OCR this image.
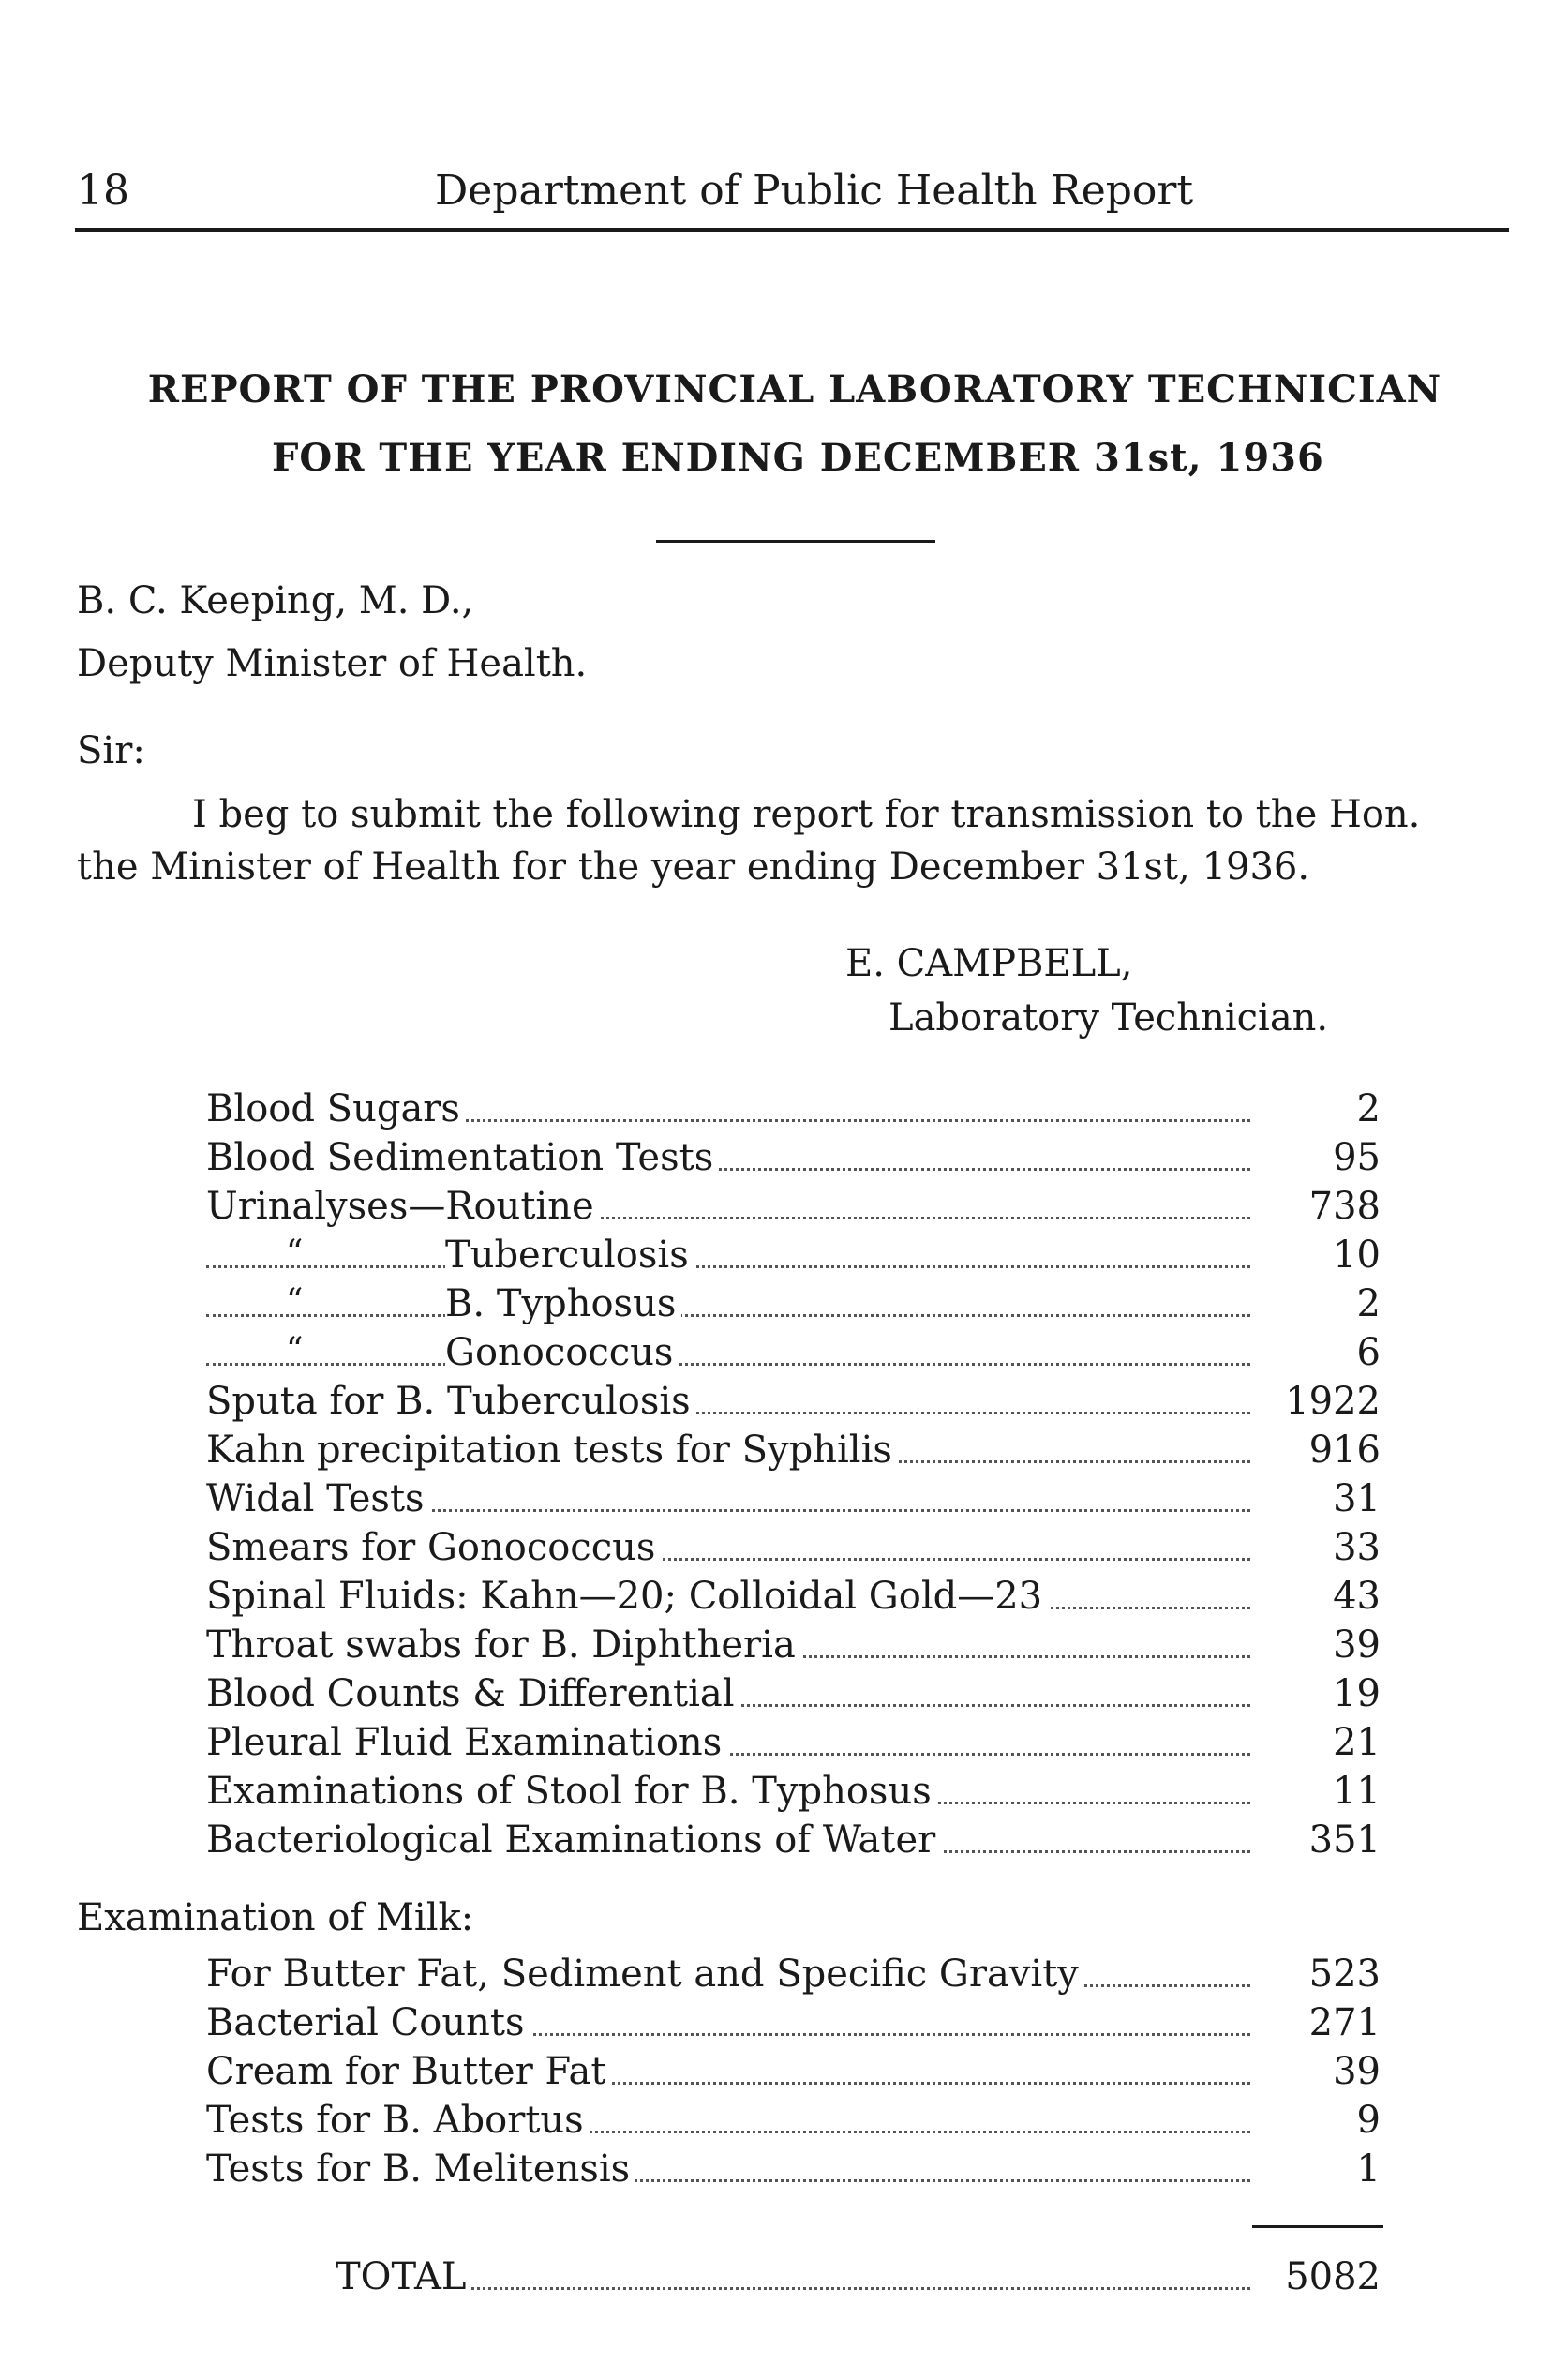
18	Department of Public Health Report
REPORT OF THE PROVINCIAL LABORATORY TECHNICIAN
FOR THE YEAR ENDING DECEMBER 31st, 1936
B. C. Keeping, M. D.,
Deputy Minister of Health.
Sir:
I beg to submit the following report for transmission to the Hon.
the Minister of Health for the year ending December 31st, 1936.
E. CAMPBELL,
Laboratory Technician.
Blood Sugars	2
Blood Sedimentation Tests	95
Urinalyses—Routine	738
“	Tuberculosis	10
“	B. Typhosus	2
“	Gonococcus	6
Sputa for B. Tuberculosis	1922
Kahn precipitation tests for Syphilis	916
Widal Tests	31
Smears for Gonococcus	33
Spinal Fluids: Kahn—20; Colloidal Gold—23	43
Throat swabs for B. Diphtheria	39
Blood Counts & Differential	19
Pleural Fluid Examinations	21
Examinations of Stool for B. Typhosus	11
Bacteriological Examinations of Water	351
Examination of Milk:
For Butter Fat, Sediment and Specific Gravity	523
Bacterial Counts	271
Cream for Butter Fat	39
Tests for B. Abortus	9
Tests for B. Melitensis	1
TOTAL	5082
